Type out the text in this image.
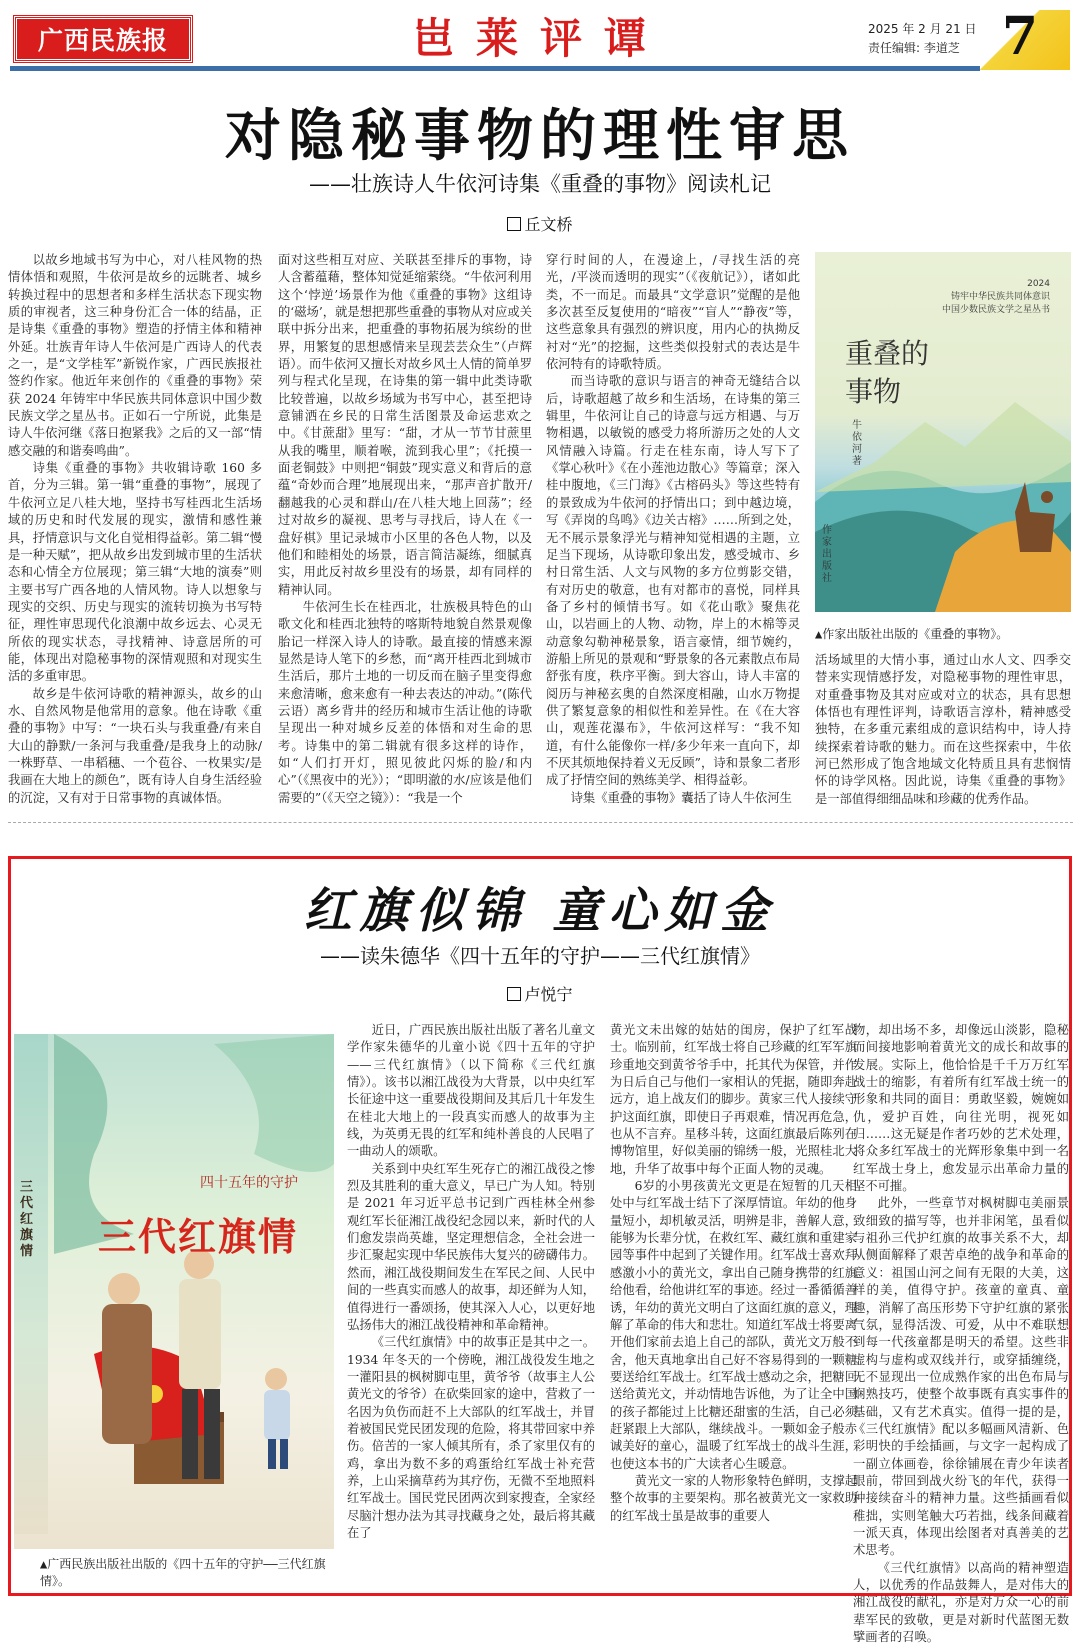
广西民族报	岜莱评谭	2025 年 2 月 21 日
责任编辑: 李道芝 7
对隐秘事物的理性审思
——壮族诗人牛依河诗集《重叠的事物》阅读札记
丘文桥

以故乡地域书写为中心，对八桂风物的热情体悟和观照，牛依河是故乡的远眺者、城乡转换过程中的思想者和多样生活状态下现实物质的审视者，这三种身份汇合一体的结晶，正是诗集《重叠的事物》塑造的抒情主体和精神外延。壮族青年诗人牛依河是广西诗人的代表之一，是“文学桂军”新锐作家，广西民族报社签约作家。他近年来创作的《重叠的事物》荣获 2024 年铸牢中华民族共同体意识中国少数民族文学之星丛书。正如石一宁所说，此集是诗人牛依河继《落日抱紧我》之后的又一部“情感交融的和谐奏鸣曲”。

诗集《重叠的事物》共收辑诗歌 160 多首，分为三辑。第一辑“重叠的事物”，展现了牛依河立足八桂大地，坚持书写桂西北生活场域的历史和时代发展的现实，激情和感性兼具，抒情意识与文化自觉相得益彰。第二辑“慢是一种天赋”，把从故乡出发到城市里的生活状态和心情全方位展现；第三辑“大地的演奏”则主要书写广西各地的人情风物。诗人以想象与现实的交织、历史与现实的流转切换为书写特征，理性审思现代化浪潮中故乡远去、心灵无所依的现实状态，寻找精神、诗意居所的可能，体现出对隐秘事物的深情观照和对现实生活的多重审思。

故乡是牛依河诗歌的精神源头，故乡的山水、自然风物是他常用的意象。他在诗歌《重叠的事物》中写：“一块石头与我重叠/有来自大山的静默/一条河与我重叠/是我身上的动脉/一株野草、一串稻穗、一个苞谷、一枚果实/是我画在大地上的颜色”，既有诗人自身生活经验的沉淀，又有对于日常事物的真诚体悟。

面对这些相互对应、关联甚至排斥的事物，诗人含蓄蕴藉，整体知觉延缩萦绕。“牛依河利用这个‘悖逆’场景作为他《重叠的事物》这组诗的‘磁场’，就是想把那些重叠的事物从对应或关联中拆分出来，把重叠的事物拓展为缤纷的世界，用繁复的思想感情来呈现芸芸众生”（卢辉语）。而牛依河又擅长对故乡风土人情的简单罗列与程式化呈现，在诗集的第一辑中此类诗歌比较普遍，以故乡场域为书写中心，甚至把诗意铺洒在乡民的日常生活图景及命运悲欢之中。《甘蔗甜》里写：“甜，才从一节节甘蔗里从我的嘴里，顺着喉，流到我心里”；《托摸一面老铜鼓》中则把“铜鼓”现实意义和背后的意蕴“奇妙而合理”地展现出来，“那声音扩散开/翻越我的心灵和群山/在八桂大地上回荡”；经过对故乡的凝视、思考与寻找后，诗人在《一盘好棋》里记录城市小区里的各色人物，以及他们和睦相处的场景，语言简洁凝练，细腻真实，用此反衬故乡里没有的场景，却有同样的精神认同。

牛依河生长在桂西北，壮族极具特色的山歌文化和桂西北独特的喀斯特地貌自然景观像胎记一样深入诗人的诗歌。最直接的情感来源显然是诗人笔下的乡愁，而“离开桂西北到城市生活后，那片土地的一切反而在脑子里变得愈来愈清晰，愈来愈有一种去表达的冲动。”(陈代云语）离乡背井的经历和城市生活让他的诗歌呈现出一种对城乡反差的体悟和对生命的思考。诗集中的第二辑就有很多这样的诗作，如“人们打开灯，照见彼此闪烁的脸/和内心”（《黑夜中的光》）；“即明澈的水/应该是他们需要的”（《天空之镜》）：“我是一个

穿行时间的人，在漫途上，/寻找生活的亮光，/平淡而透明的现实”（《夜航记》），诸如此类，不一而足。而最具“文学意识”觉醒的是他多次甚至反复使用的“暗夜”“盲人”“静夜”等，这些意象具有强烈的辨识度，用内心的执拗反衬对“光”的挖掘，这些类似投射式的表达是牛依河特有的诗歌特质。

而当诗歌的意识与语言的神奇无缝结合以后，诗歌超越了故乡和生活场，在诗集的第三辑里，牛依河让自己的诗意与远方相遇、与万物相遇，以敏锐的感受力将所游历之处的人文风情融入诗篇。行走在桂东南，诗人写下了《掌心秋叶》《在小莲池边散心》等篇章；深入桂中腹地，《三门海》《古榕码头》等这些特有的景致成为牛依河的抒情出口；到中越边境，写《弄岗的鸟鸣》《边关古榕》……所到之处，无不展示景象浮光与精神知觉相遇的主题，立足当下现场，从诗歌印象出发，感受城市、乡村日常生活、人文与风物的多方位剪影交错，有对历史的敬意，也有对都市的喜悦，同样具备了乡村的倾情书写。如《花山歌》聚焦花山，以岩画上的人物、动物，岸上的木棉等灵动意象勾勒神秘景象，语言豪情，细节婉约，游船上所见的景观和“野景象的各元素散点布局舒张有度，秩序平衡。到大容山，诗人丰富的阅历与神秘玄奥的自然深度相融，山水万物提供了繁复意象的相似性和差异性。在《在大容山，观莲花瀑布》，牛依河这样写：“我不知道，有什么能像你一样/多少年来一直向下，却不厌其烦地保持着义无反顾”，诗和景象二者形成了抒情空间的熟练美学、相得益彰。

诗集《重叠的事物》囊括了诗人牛依河生

2024
铸牢中华民族共同体意识
中国少数民族文学之星丛书
重叠的
事物
牛依河著
作家出版社
▲作家出版社出版的《重叠的事物》。

活场域里的大情小事，通过山水人文、四季交替来实现情感抒发，对隐秘事物的理性审思，对重叠事物及其对应或对立的状态，具有思想体悟也有理性评判，诗歌语言淳朴，精神感受独特，在多重元素组成的意识结构中，诗人持续探索着诗歌的魅力。而在这些探索中，牛依河已然形成了饱含地域文化特质且具有悲悯情怀的诗学风格。因此说，诗集《重叠的事物》是一部值得细细品味和珍藏的优秀作品。

红旗似锦 童心如金
——读朱德华《四十五年的守护——三代红旗情》
卢悦宁
三代红旗情
四十五年的守护
三代红旗情
▲广西民族出版社出版的《四十五年的守护——三代红旗情》。

近日，广西民族出版社出版了著名儿童文学作家朱德华的儿童小说《四十五年的守护——三代红旗情》（以下简称《三代红旗情》）。该书以湘江战役为大背景，以中央红军长征途中这一重要战役期间及其后几十年发生在桂北大地上的一段真实而感人的故事为主线，为英勇无畏的红军和纯朴善良的人民唱了一曲动人的颂歌。

关系到中央红军生死存亡的湘江战役之惨烈及其胜利的重大意义，早已广为人知。特别是 2021 年习近平总书记到广西桂林全州参观红军长征湘江战役纪念园以来，新时代的人们愈发崇尚英雄，坚定理想信念，全社会进一步汇聚起实现中华民族伟大复兴的磅礴伟力。然而，湘江战役期间发生在军民之间、人民中间的一些真实而感人的故事，却还鲜为人知，值得进行一番颂扬，使其深入人心，以更好地弘扬伟大的湘江战役精神和革命精神。

《三代红旗情》中的故事正是其中之一。1934 年冬天的一个傍晚，湘江战役发生地之一灌阳县的枫树脚屯里，黄爷爷（故事主人公黄光文的爷爷）在砍柴回家的途中，营救了一名因为负伤而赶不上大部队的红军战士，并冒着被国民党民团发现的危险，将其带回家中养伤。倍苦的一家人倾其所有，杀了家里仅有的鸡，拿出为数不多的鸡蛋给红军战士补充营养，上山采摘草药为其疗伤，无微不至地照料红军战士。国民党民团两次到家搜查，全家经尽脑汁想办法为其寻找藏身之处，最后将其藏在了

黄光文未出嫁的姑姑的闺房，保护了红军战士。临别前，红军战士将自己珍藏的红军军旗珍重地交到黄爷爷手中，托其代为保管，并作为日后自己与他们一家相认的凭据，随即奔赴远方，追上战友们的脚步。黄家三代人接续守护这面红旗，即使日子再艰难，情况再危急，也从不言弃。星移斗转，这面红旗最后陈列在博物馆里，好似美丽的锦绣一般，光照桂北大地，升华了故事中每个正面人物的灵魂。

6岁的小男孩黄光文更是在短暂的几天相处中与红军战士结下了深厚情谊。年幼的他身量短小，却机敏灵活，明辨是非，善解人意，能够为长辈分忧，在救红军、藏红旗和重建家园等事件中起到了关键作用。红军战士喜欢拜感激小小的黄光文，拿出自己随身携带的红旗给他看，给他讲红军的事迹。经过一番循循善诱，年幼的黄光文明白了这面红旗的意义，理解了革命的伟大和悲壮。知道红军战士将要离开他们家前去追上自己的部队，黄光文万般不舍，他天真地拿出自己好不容易得到的一颗糖要送给红军战士。红军战士感动之余，把糖回送给黄光文，并动情地告诉他，为了让全中国的孩子都能过上比糖还甜蜜的生活，自己必须赶紧跟上大部队，继续战斗。一颗如金子般赤诚美好的童心，温暖了红军战士的战斗生涯，也使这本书的广大读者心生暖意。

黄光文一家的人物形象特色鲜明，支撑起整个故事的主要架构。那名被黄光文一家救助的红军战士虽是故事的重要人

物，却出场不多，却像远山淡影，隐秘而间接地影响着黄光文的成长和故事的发展。实际上，他恰恰是千千万万红军战士的缩影，有着所有红军战士统一的形象和共同的面目：勇敢坚毅，婉婉如仇，爱护百姓，向往光明，视死如归……这无疑是作者巧妙的艺术处理，将众多红军战士的光辉形象集中到一名红军战士身上，愈发显示出革命力量的坚不可摧。

此外，一些章节对枫树脚屯美丽景致细致的描写等，也并非闲笔，虽看似与祖孙三代护红旗的故事关系不大，却从侧面解释了艰苦卓绝的战争和革命的意义：祖国山河之间有无限的大美，这样的美，值得守护。孩童的童真、童趣，消解了高压形势下守护红旗的紧张气氛，显得活泼、可爱，从中不难联想到每一代孩童都是明天的希望。这些非虚构与虚构或双线并行，或穿插缠绕，无不显现出一位成熟作家的出色布局与娴熟技巧，使整个故事既有真实事件的基础，又有艺术真实。值得一提的是，《三代红旗情》配以多幅画风清新、色彩明快的手绘插画，与文字一起构成了一副立体画卷，徐徐铺展在青少年读者眼前，带回到战火纷飞的年代，获得一种接续奋斗的精神力量。这些插画看似稚拙，实则笔触大巧若拙，线条间藏着一派天真，体现出绘图者对真善美的艺术思考。

《三代红旗情》以高尚的精神塑造人，以优秀的作品鼓舞人，是对伟大的湘江战役的献礼，亦是对万众一心的前辈军民的致敬，更是对新时代蓝图无数擘画者的召唤。
